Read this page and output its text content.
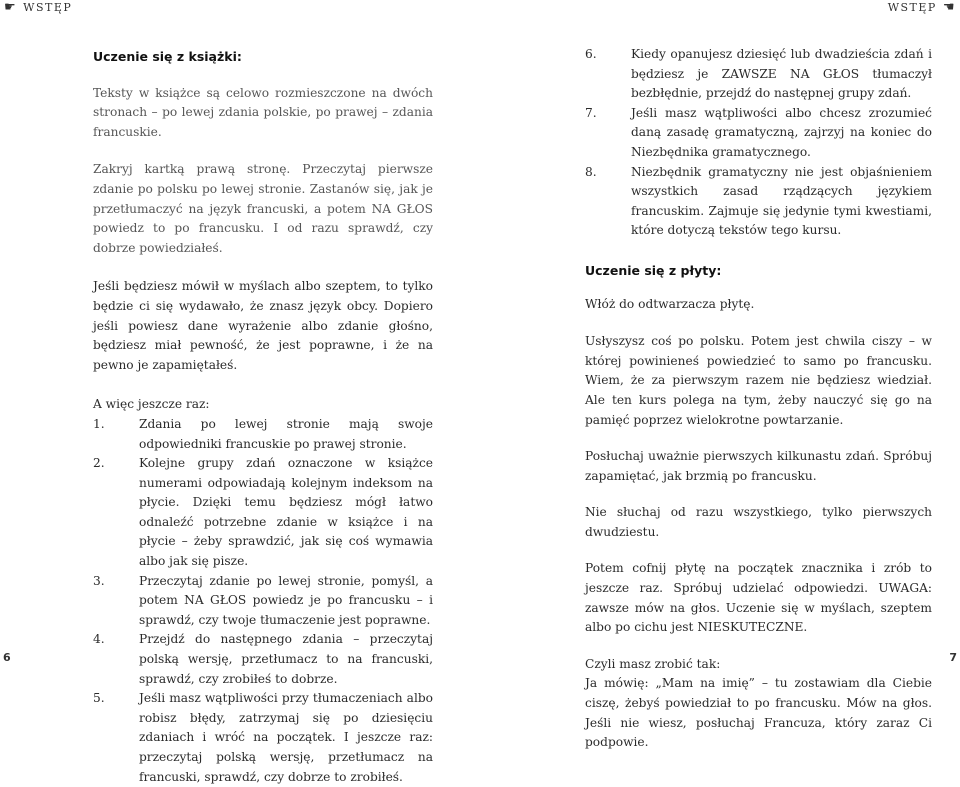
☛ WSTĘP

Uczenie się z książki:

Teksty w książce są celowo rozmieszczone na dwóch stronach – po lewej zdania polskie, po prawej – zdania francuskie.

Zakryj kartką prawą stronę. Przeczytaj pierwsze zdanie po polsku po lewej stronie. Zastanów się, jak je przetłumaczyć na język francuski, a potem NA GŁOS powiedz to po francusku. I od razu sprawdź, czy dobrze powiedziałeś.

Jeśli będziesz mówił w myślach albo szeptem, to tylko będzie ci się wydawało, że znasz język obcy. Dopiero jeśli powiesz dane wyrażenie albo zdanie głośno, będziesz miał pewność, że jest poprawne, i że na pewno je zapamiętałeś.

A więc jeszcze raz:

1.	Zdania po lewej stronie mają swoje odpowiedniki francuskie po prawej stronie.
2.	Kolejne grupy zdań oznaczone w książce numerami odpowiadają kolejnym indeksom na płycie. Dzięki temu będziesz mógł łatwo odnaleźć potrzebne zdanie w książce i na płycie – żeby sprawdzić, jak się coś wymawia albo jak się pisze.
3.	Przeczytaj zdanie po lewej stronie, pomyśl, a potem NA GŁOS powiedz je po francusku – i sprawdź, czy twoje tłumaczenie jest poprawne.
4.	Przejdź do następnego zdania – przeczytaj polską wersję, przetłumacz to na francuski, sprawdź, czy zrobiłeś to dobrze.
5.	Jeśli masz wątpliwości przy tłumaczeniach albo robisz błędy, zatrzymaj się po dziesięciu zdaniach i wróć na początek. I jeszcze raz: przeczytaj polską wersję, przetłumacz na francuski, sprawdź, czy dobrze to zrobiłeś.
6
WSTĘP ☚
6.	Kiedy opanujesz dziesięć lub dwadzieścia zdań i będziesz je ZAWSZE NA GŁOS tłumaczył bezbłędnie, przejdź do następnej grupy zdań.
7.	Jeśli masz wątpliwości albo chcesz zrozumieć daną zasadę gramatyczną, zajrzyj na koniec do Niezbędnika gramatycznego.
8.	Niezbędnik gramatyczny nie jest objaśnieniem wszystkich zasad rządzących językiem francuskim. Zajmuje się jedynie tymi kwestiami, które dotyczą tekstów tego kursu.

Uczenie się z płyty:

Włóż do odtwarzacza płytę.

Usłyszysz coś po polsku. Potem jest chwila ciszy – w której powinieneś powiedzieć to samo po francusku. Wiem, że za pierwszym razem nie będziesz wiedział. Ale ten kurs polega na tym, żeby nauczyć się go na pamięć poprzez wielokrotne powtarzanie.

Posłuchaj uważnie pierwszych kilkunastu zdań. Spróbuj zapamiętać, jak brzmią po francusku.

Nie słuchaj od razu wszystkiego, tylko pierwszych dwudziestu.

Potem cofnij płytę na początek znacznika i zrób to jeszcze raz. Spróbuj udzielać odpowiedzi. UWAGA: zawsze mów na głos. Uczenie się w myślach, szeptem albo po cichu jest NIESKUTECZNE.

Czyli masz zrobić tak:

Ja mówię: „Mam na imię” – tu zostawiam dla Ciebie ciszę, żebyś powiedział to po francusku. Mów na głos. Jeśli nie wiesz, posłuchaj Francuza, który zaraz Ci podpowie.

7
